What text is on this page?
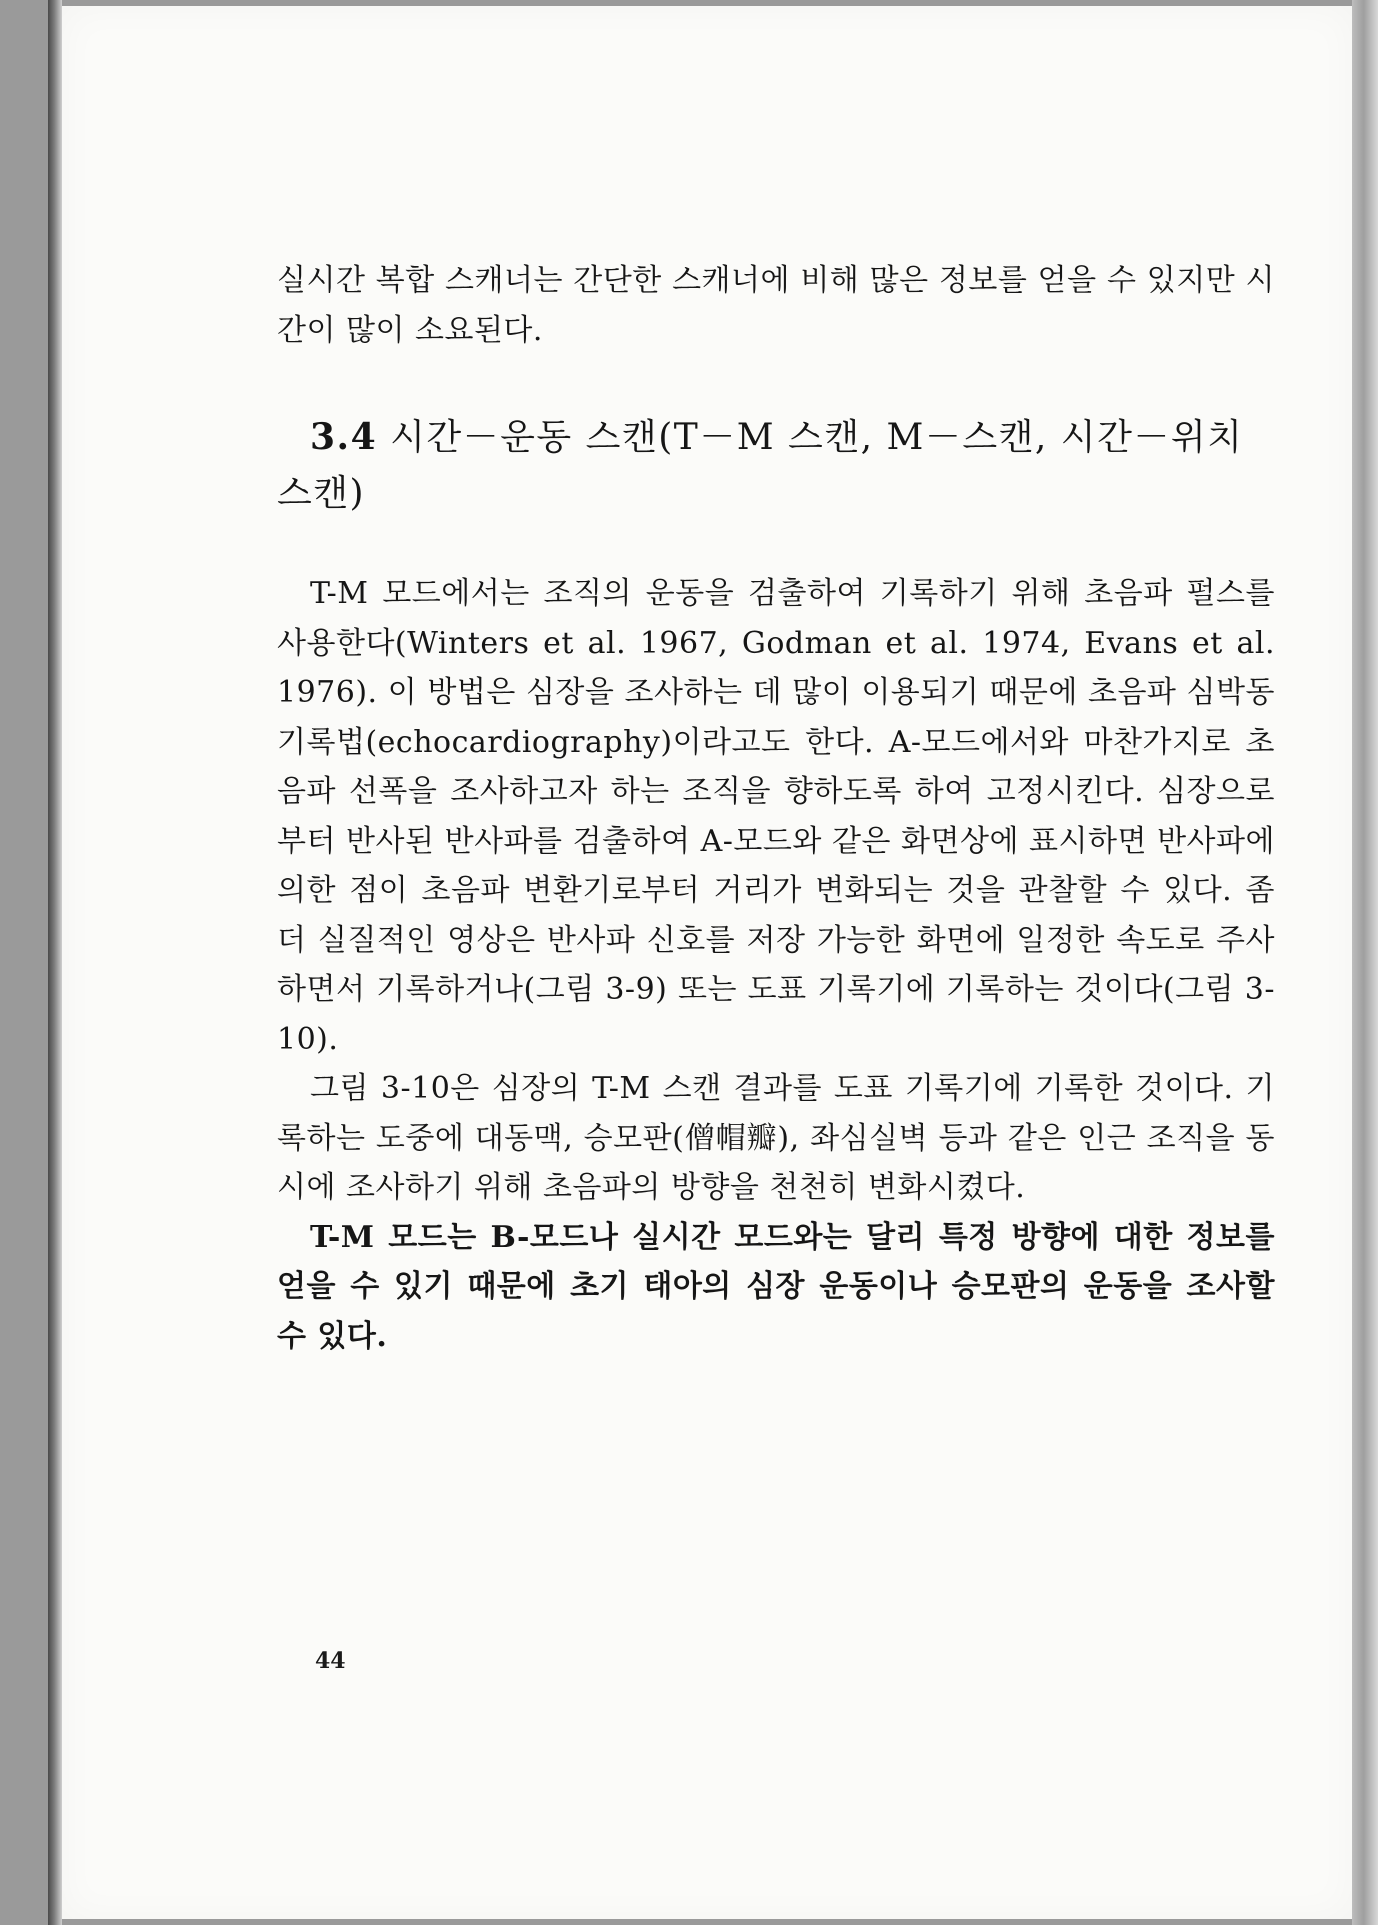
실시간 복합 스캐너는 간단한 스캐너에 비해 많은 정보를 얻을 수 있지만 시간이 많이 소요된다.

3.4 시간－운동 스캔(T－M 스캔, M－스캔, 시간－위치
스캔)

T-M 모드에서는 조직의 운동을 검출하여 기록하기 위해 초음파 펄스를 사용한다(Winters et al. 1967, Godman et al. 1974, Evans et al. 1976). 이 방법은 심장을 조사하는 데 많이 이용되기 때문에 초음파 심박동 기록법(echocardiography)이라고도 한다. A-모드에서와 마찬가지로 초음파 선폭을 조사하고자 하는 조직을 향하도록 하여 고정시킨다. 심장으로부터 반사된 반사파를 검출하여 A-모드와 같은 화면상에 표시하면 반사파에 의한 점이 초음파 변환기로부터 거리가 변화되는 것을 관찰할 수 있다. 좀 더 실질적인 영상은 반사파 신호를 저장 가능한 화면에 일정한 속도로 주사하면서 기록하거나(그림 3-9) 또는 도표 기록기에 기록하는 것이다(그림 3-10).

그림 3-10은 심장의 T-M 스캔 결과를 도표 기록기에 기록한 것이다. 기록하는 도중에 대동맥, 승모판(僧帽瓣), 좌심실벽 등과 같은 인근 조직을 동시에 조사하기 위해 초음파의 방향을 천천히 변화시켰다.

T-M 모드는 B-모드나 실시간 모드와는 달리 특정 방향에 대한 정보를 얻을 수 있기 때문에 초기 태아의 심장 운동이나 승모판의 운동을 조사할 수 있다.

44
